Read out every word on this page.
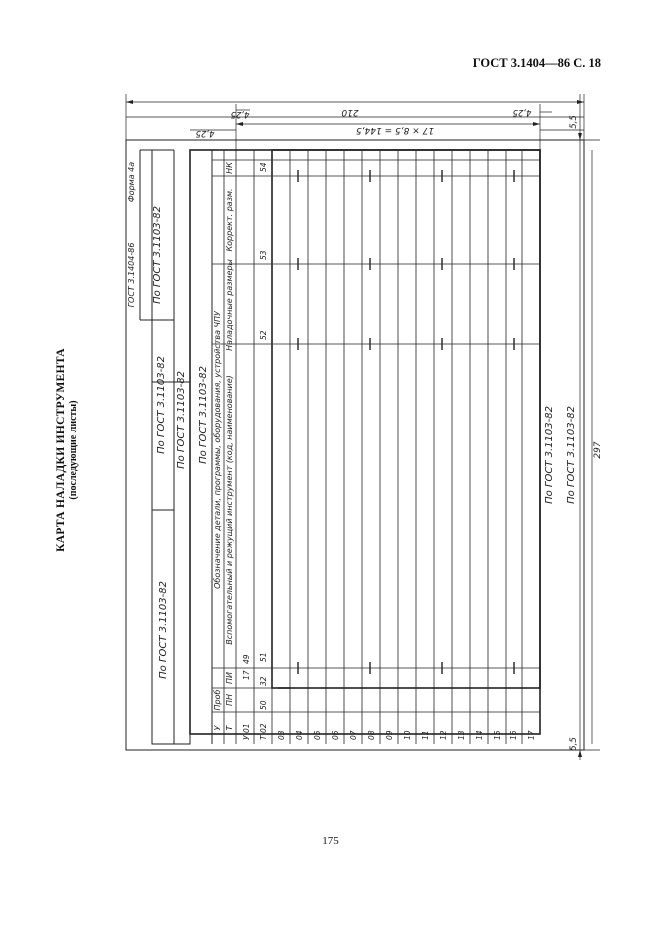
ГОСТ 3.1404—86 С. 18
КАРТА НАЛАДКИ ИНСТРУМЕНТА (последующие листы)
210
17 × 8,5 = 144,5
4,25
4,25
4,25
5,5
5,5
297
ГОСТ 3.1404-86
Форма 4а
По ГОСТ 3.1103-82
По ГОСТ 3.1103-82 По ГОСТ 3.1103-82 По ГОСТ 3.1103-82
По ГОСТ 3.1103-82
По ГОСТ 3.1103-82 По ГОСТ 3.1103-82
Обозначение детали, программы, оборудования, устройства ЧПУ Вспомогательный и режущий инструмент (код, наименование)
Наладочные размеры
Коррект. разм.
НК
ПИ
Проб ПН
У Т
17
49
50
32
51
52
53
54
У 01 Т 02 03 04 05 06 07 08 09 10 11 12 13 14 15 16 17
175
